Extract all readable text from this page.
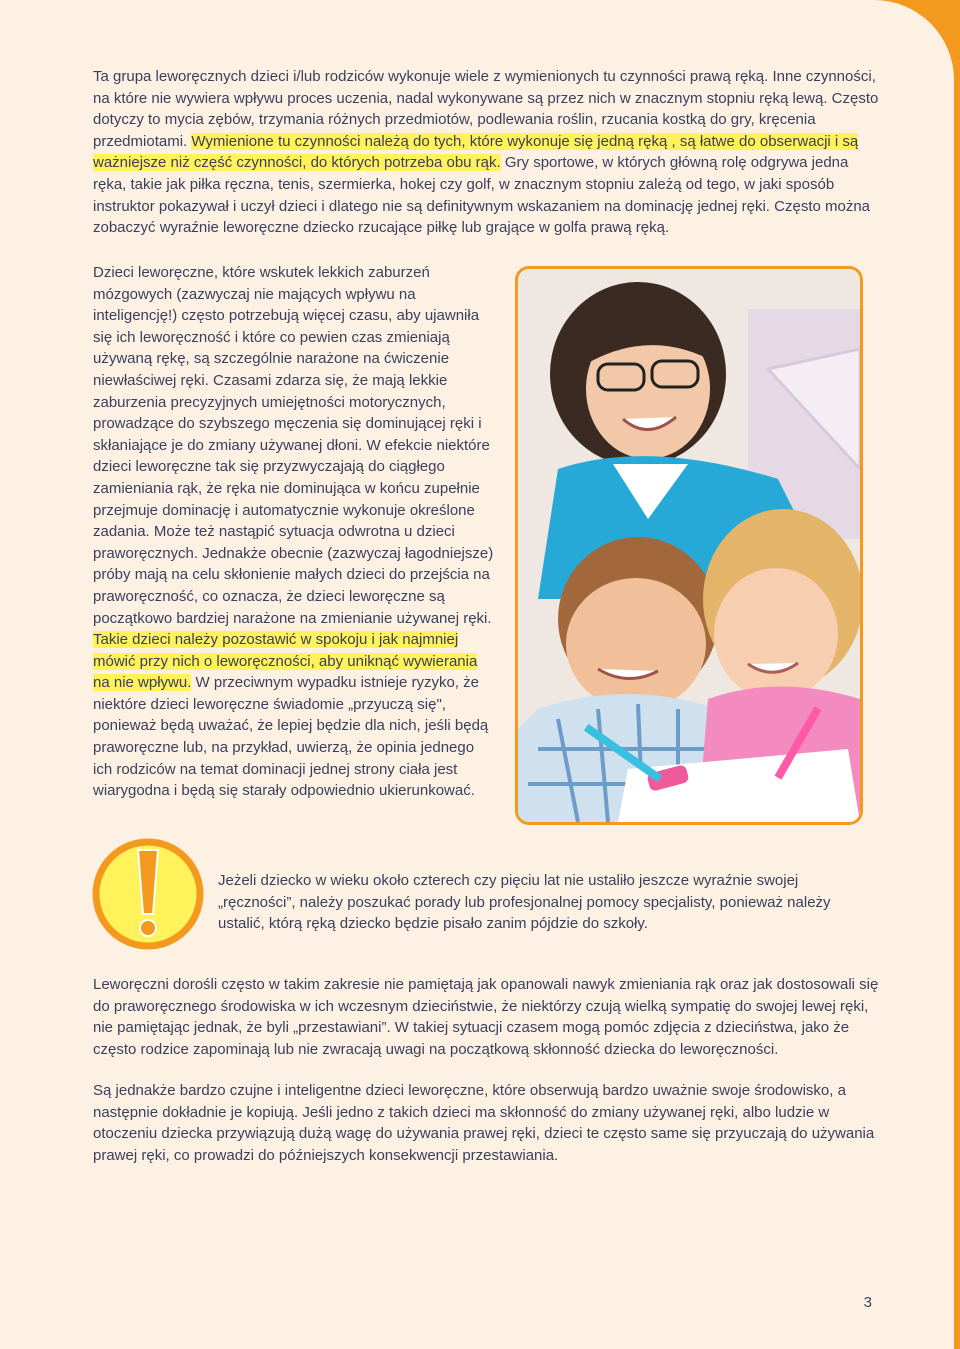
Ta grupa leworęcznych dzieci i/lub rodziców wykonuje wiele z wymienionych tu czynności prawą ręką. Inne czynności, na które nie wywiera wpływu proces uczenia, nadal wykonywane są przez nich w znacznym stopniu ręką lewą. Często dotyczy to mycia zębów, trzymania różnych przedmiotów, podlewania roślin, rzucania kostką do gry, kręcenia przedmiotami. Wymienione tu czynności należą do tych, które wykonuje się jedną ręką , są łatwe do obserwacji i są ważniejsze niż część czynności, do których potrzeba obu rąk. Gry sportowe, w których główną rolę odgrywa jedna ręka, takie jak piłka ręczna, tenis, szermierka, hokej czy golf, w znacznym stopniu zależą od tego, w jaki sposób instruktor pokazywał i uczył dzieci i dlatego nie są definitywnym wskazaniem na dominację jednej ręki. Często można zobaczyć wyraźnie leworęczne dziecko rzucające piłkę lub grające w golfa prawą ręką.

Dzieci leworęczne, które wskutek lekkich zaburzeń mózgowych (zazwyczaj nie mających wpływu na inteligencję!) często potrzebują więcej czasu, aby ujawniła się ich leworęczność i które co pewien czas zmieniają używaną rękę, są szczególnie narażone na ćwiczenie niewłaściwej ręki. Czasami zdarza się, że mają lekkie zaburzenia precyzyjnych umiejętności motorycznych, prowadzące do szybszego męczenia się dominującej ręki i skłaniające je do zmiany używanej dłoni. W efekcie niektóre dzieci leworęczne tak się przyzwyczajają do ciągłego zamieniania rąk, że ręka nie dominująca w końcu zupełnie przejmuje dominację i automatycznie wykonuje określone zadania. Może też nastąpić sytuacja odwrotna u dzieci praworęcznych. Jednakże obecnie (zazwyczaj łagodniejsze) próby mają na celu skłonienie małych dzieci do przejścia na praworęczność, co oznacza, że dzieci leworęczne są początkowo bardziej narażone na zmienianie używanej ręki. Takie dzieci należy pozostawić w spokoju i jak najmniej mówić przy nich o leworęczności, aby uniknąć wywierania na nie wpływu. W przeciwnym wypadku istnieje ryzyko, że niektóre dzieci leworęczne świadomie „przyuczą się", ponieważ będą uważać, że lepiej będzie dla nich, jeśli będą praworęczne lub, na przykład, uwierzą, że opinia jednego ich rodziców na temat dominacji jednej strony ciała jest wiarygodna i będą się starały odpowiednio ukierunkować.

Jeżeli dziecko w wieku około czterech czy pięciu lat nie ustaliło jeszcze wyraźnie swojej „ręczności”, należy poszukać porady lub profesjonalnej pomocy specjalisty, ponieważ należy ustalić, którą ręką dziecko będzie pisało zanim pójdzie do szkoły.

Leworęczni dorośli często w takim zakresie nie pamiętają jak opanowali nawyk zmieniania rąk oraz jak dostosowali się do praworęcznego środowiska w ich wczesnym dzieciństwie, że niektórzy czują wielką sympatię do swojej lewej ręki, nie pamiętając jednak, że byli „przestawiani”. W takiej sytuacji czasem mogą pomóc zdjęcia z dzieciństwa, jako że często rodzice zapominają lub nie zwracają uwagi na początkową skłonność dziecka do leworęczności.

Są jednakże bardzo czujne i inteligentne dzieci leworęczne, które obserwują bardzo uważnie swoje środowisko, a następnie dokładnie je kopiują. Jeśli jedno z takich dzieci ma skłonność do zmiany używanej ręki, albo ludzie w otoczeniu dziecka przywiązują dużą wagę do używania prawej ręki, dzieci te często same się przyuczają do używania prawej ręki, co prowadzi do późniejszych konsekwencji przestawiania.

3
